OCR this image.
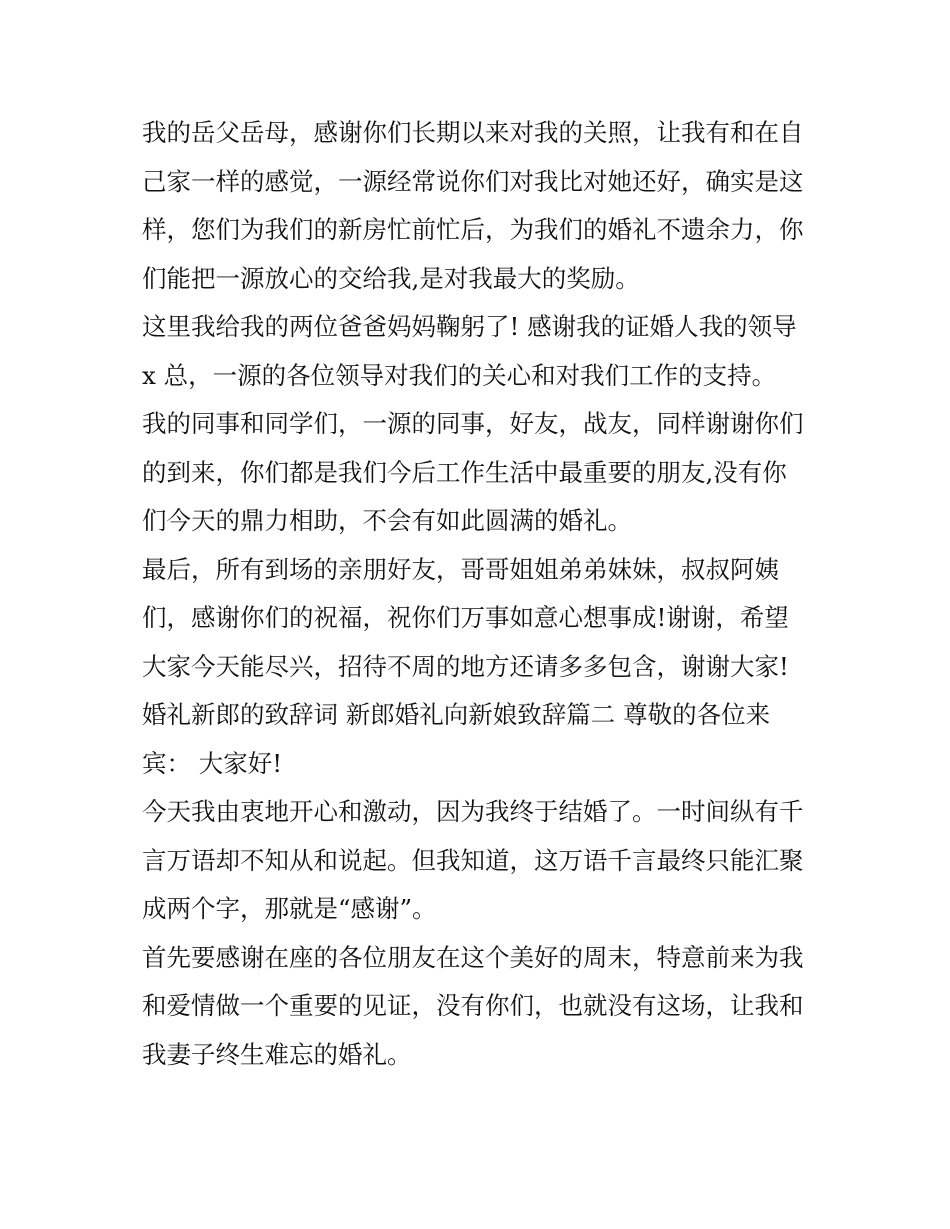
我的岳父岳母，感谢你们长期以来对我的关照，让我有和在自
己家一样的感觉，一源经常说你们对我比对她还好，确实是这
样，您们为我们的新房忙前忙后，为我们的婚礼不遗余力，你
们能把一源放心的交给我,是对我最大的奖励。
这里我给我的两位爸爸妈妈鞠躬了! 感谢我的证婚人我的领导
x 总，一源的各位领导对我们的关心和对我们工作的支持。
我的同事和同学们，一源的同事，好友，战友，同样谢谢你们
的到来，你们都是我们今后工作生活中最重要的朋友,没有你
们今天的鼎力相助，不会有如此圆满的婚礼。
最后，所有到场的亲朋好友，哥哥姐姐弟弟妹妹，叔叔阿姨
们，感谢你们的祝福，祝你们万事如意心想事成!谢谢，希望
大家今天能尽兴，招待不周的地方还请多多包含，谢谢大家!
婚礼新郎的致辞词 新郎婚礼向新娘致辞篇二 尊敬的各位来
宾： 大家好!
今天我由衷地开心和激动，因为我终于结婚了。一时间纵有千
言万语却不知从和说起。但我知道，这万语千言最终只能汇聚
成两个字，那就是“感谢”。
首先要感谢在座的各位朋友在这个美好的周末，特意前来为我
和爱情做一个重要的见证，没有你们，也就没有这场，让我和
我妻子终生难忘的婚礼。
